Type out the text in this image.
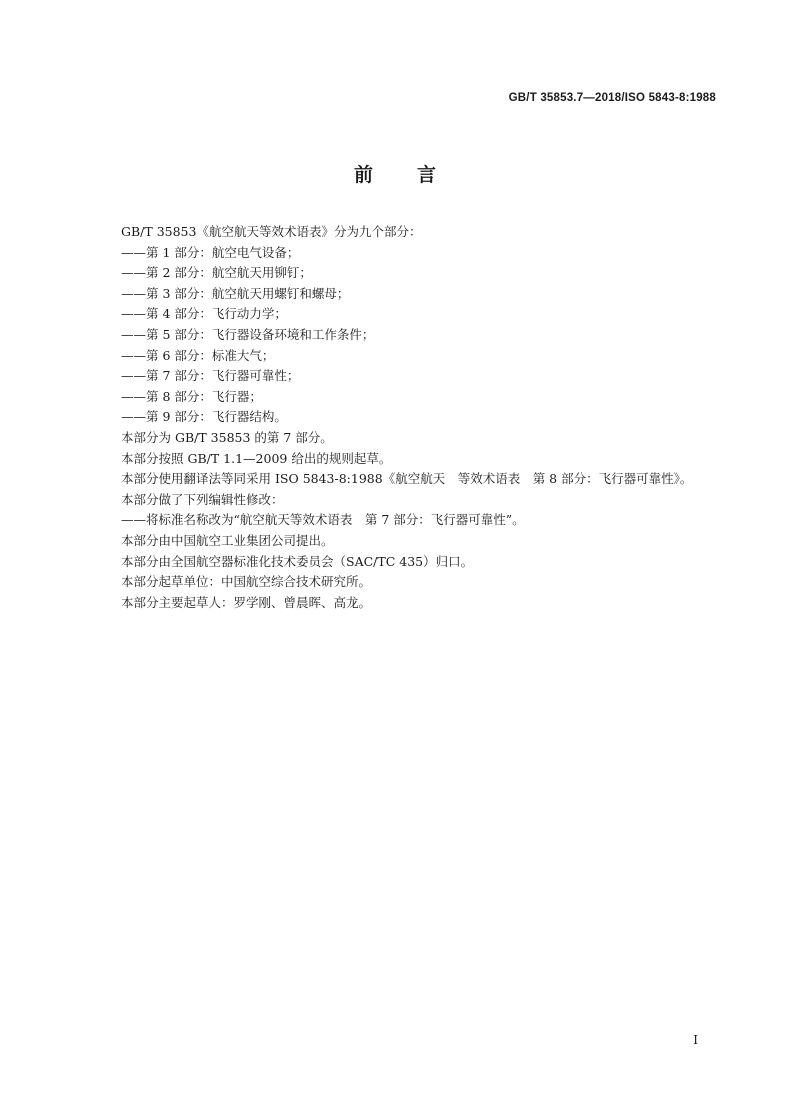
GB/T 35853.7—2018/ISO 5843-8:1988
前 言

GB/T 35853《航空航天等效术语表》分为九个部分：

——第 1 部分：航空电气设备；

——第 2 部分：航空航天用铆钉；

——第 3 部分：航空航天用螺钉和螺母；

——第 4 部分：飞行动力学；

——第 5 部分：飞行器设备环境和工作条件；

——第 6 部分：标准大气；

——第 7 部分：飞行器可靠性；

——第 8 部分：飞行器；

——第 9 部分：飞行器结构。

本部分为 GB/T 35853 的第 7 部分。

本部分按照 GB/T 1.1—2009 给出的规则起草。

本部分使用翻译法等同采用 ISO 5843-8:1988《航空航天　等效术语表　第 8 部分：飞行器可靠性》。

本部分做了下列编辑性修改：

——将标准名称改为“航空航天等效术语表　第 7 部分：飞行器可靠性”。

本部分由中国航空工业集团公司提出。

本部分由全国航空器标准化技术委员会（SAC/TC 435）归口。

本部分起草单位：中国航空综合技术研究所。

本部分主要起草人：罗学刚、曾晨晖、高龙。

I
